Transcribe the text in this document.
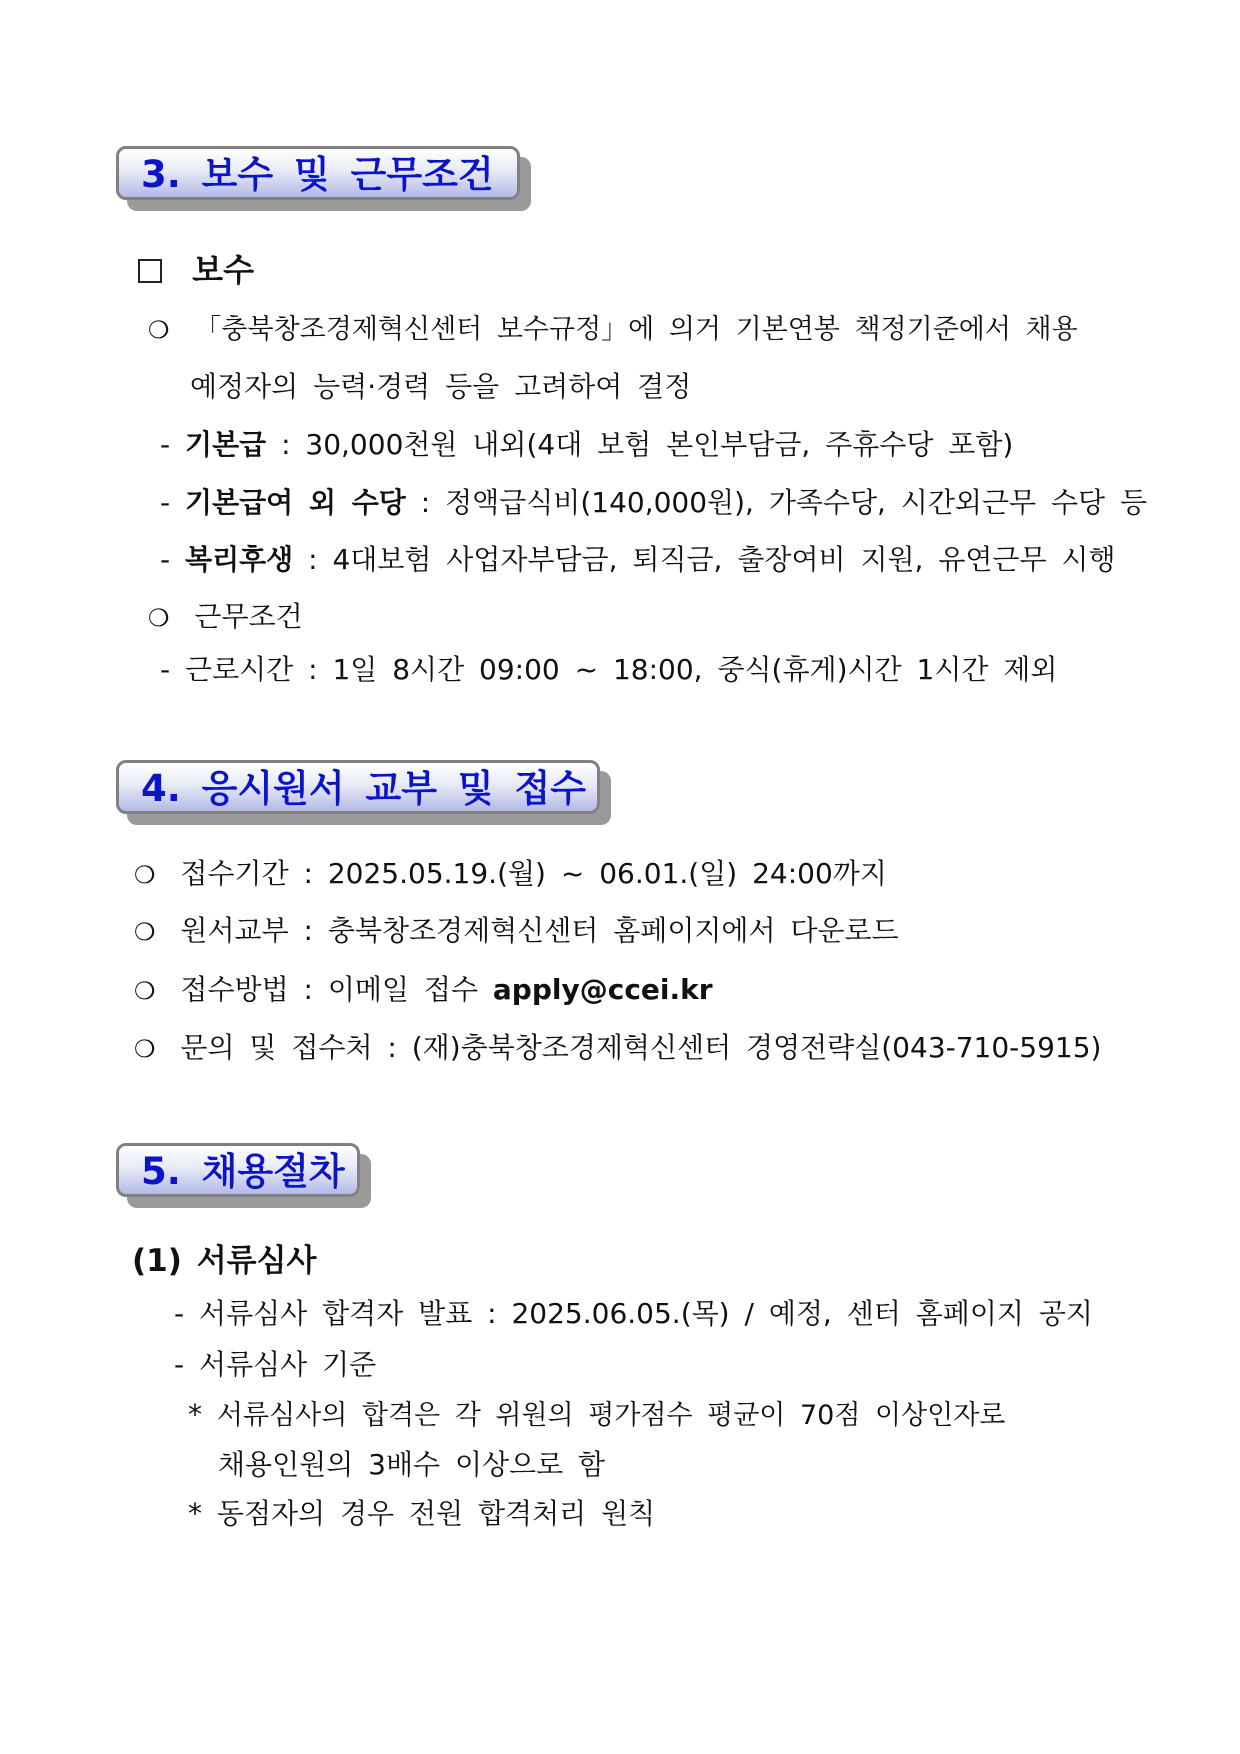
3. 보수 및 근무조건
보수
❍ 「충북창조경제혁신센터 보수규정」에 의거 기본연봉 책정기준에서 채용
예정자의 능력·경력 등을 고려하여 결정
- 기본급 : 30,000천원 내외(4대 보험 본인부담금, 주휴수당 포함)
- 기본급여 외 수당 : 정액급식비(140,000원), 가족수당, 시간외근무 수당 등
- 복리후생 : 4대보험 사업자부담금, 퇴직금, 출장여비 지원, 유연근무 시행
❍ 근무조건
- 근로시간 : 1일 8시간 09:00 ~ 18:00, 중식(휴게)시간 1시간 제외
4. 응시원서 교부 및 접수
❍ 접수기간 : 2025.05.19.(월) ~ 06.01.(일) 24:00까지
❍ 원서교부 : 충북창조경제혁신센터 홈페이지에서 다운로드
❍ 접수방법 : 이메일 접수 apply@ccei.kr
❍ 문의 및 접수처 : (재)충북창조경제혁신센터 경영전략실(043-710-5915)
5. 채용절차
(1) 서류심사
- 서류심사 합격자 발표 : 2025.06.05.(목) / 예정, 센터 홈페이지 공지
- 서류심사 기준
* 서류심사의 합격은 각 위원의 평가점수 평균이 70점 이상인자로
채용인원의 3배수 이상으로 함
* 동점자의 경우 전원 합격처리 원칙
